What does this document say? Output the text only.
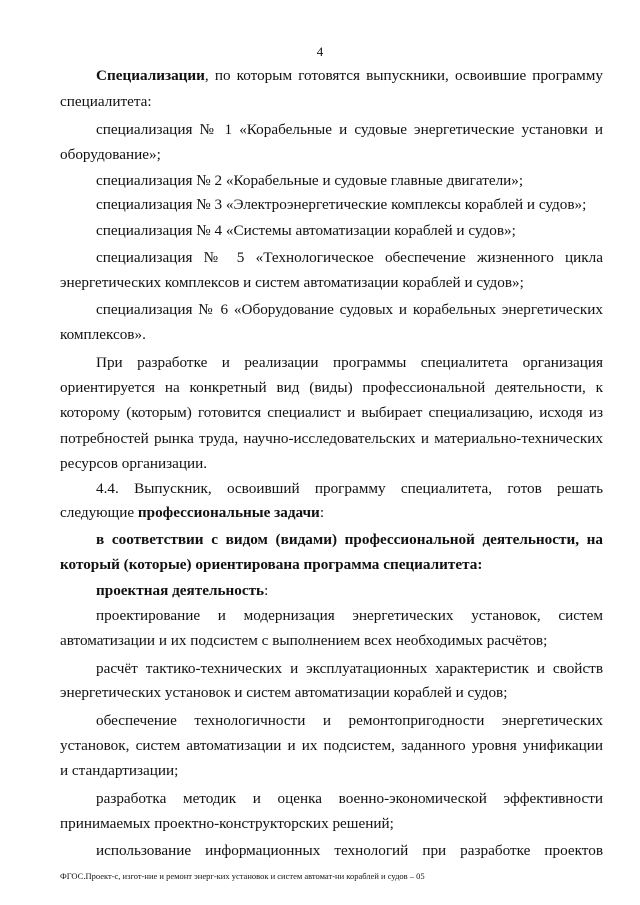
4
Специализации, по которым готовятся выпускники, освоившие программу
специалитета:
специализация № 1 «Корабельные и судовые энергетические установки и
оборудование»;
специализация № 2 «Корабельные и судовые главные двигатели»;
специализация № 3 «Электроэнергетические комплексы кораблей и судов»;
специализация № 4 «Системы автоматизации кораблей и судов»;
специализация № 5 «Технологическое обеспечение жизненного цикла
энергетических комплексов и систем автоматизации кораблей и судов»;
специализация № 6 «Оборудование судовых и корабельных энергетических
комплексов».
При разработке и реализации программы специалитета организация
ориентируется на конкретный вид (виды) профессиональной деятельности, к
которому (которым) готовится специалист и выбирает специализацию, исходя из
потребностей рынка труда, научно-исследовательских и материально-технических
ресурсов организации.
4.4. Выпускник, освоивший программу специалитета, готов решать
следующие профессиональные задачи:
в соответствии с видом (видами) профессиональной деятельности, на
который (которые) ориентирована программа специалитета:
проектная деятельность:
проектирование и модернизация энергетических установок, систем
автоматизации и их подсистем с выполнением всех необходимых расчётов;
расчёт тактико-технических и эксплуатационных характеристик и свойств
энергетических установок и систем автоматизации кораблей и судов;
обеспечение технологичности и ремонтопригодности энергетических
установок, систем автоматизации и их подсистем, заданного уровня унификации
и стандартизации;
разработка методик и оценка военно-экономической эффективности
принимаемых проектно-конструкторских решений;
использование информационных технологий при разработке проектов
ФГОС.Проект-с, изгот-ние и ремонт энерг-ких установок и систем автомат-ни кораблей и судов – 05
